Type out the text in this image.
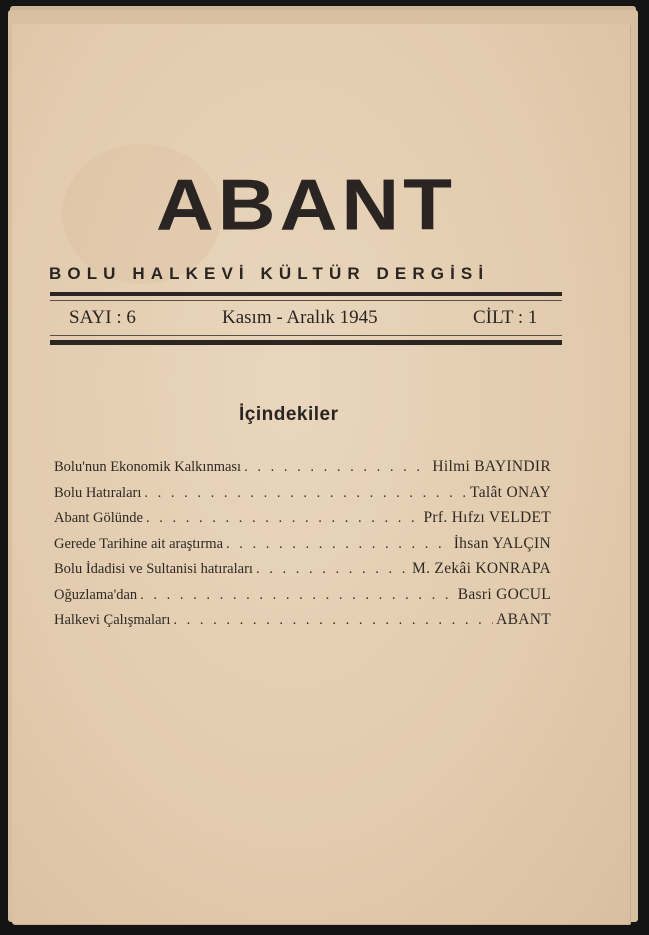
ABANT
BOLU HALKEVİ KÜLTÜR DERGİSİ
SAYI : 6	Kasım - Aralık 1945	CİLT : 1
İçindekiler
Bolu'nun Ekonomik Kalkınması . . .	Hilmi BAYINDIR
Bolu Hatıraları . . .	Talât ONAY
Abant Gölünde . . .	Prf. Hıfzı VELDET
Gerede Tarihine ait araştırma . . .	İhsan YALÇIN
Bolu İdadisi ve Sultanisi hatıraları . . .	M. Zekâi KONRAPA
Oğuzlama'dan . . .	Basri GOCUL
Halkevi Çalışmaları . . .	ABANT
